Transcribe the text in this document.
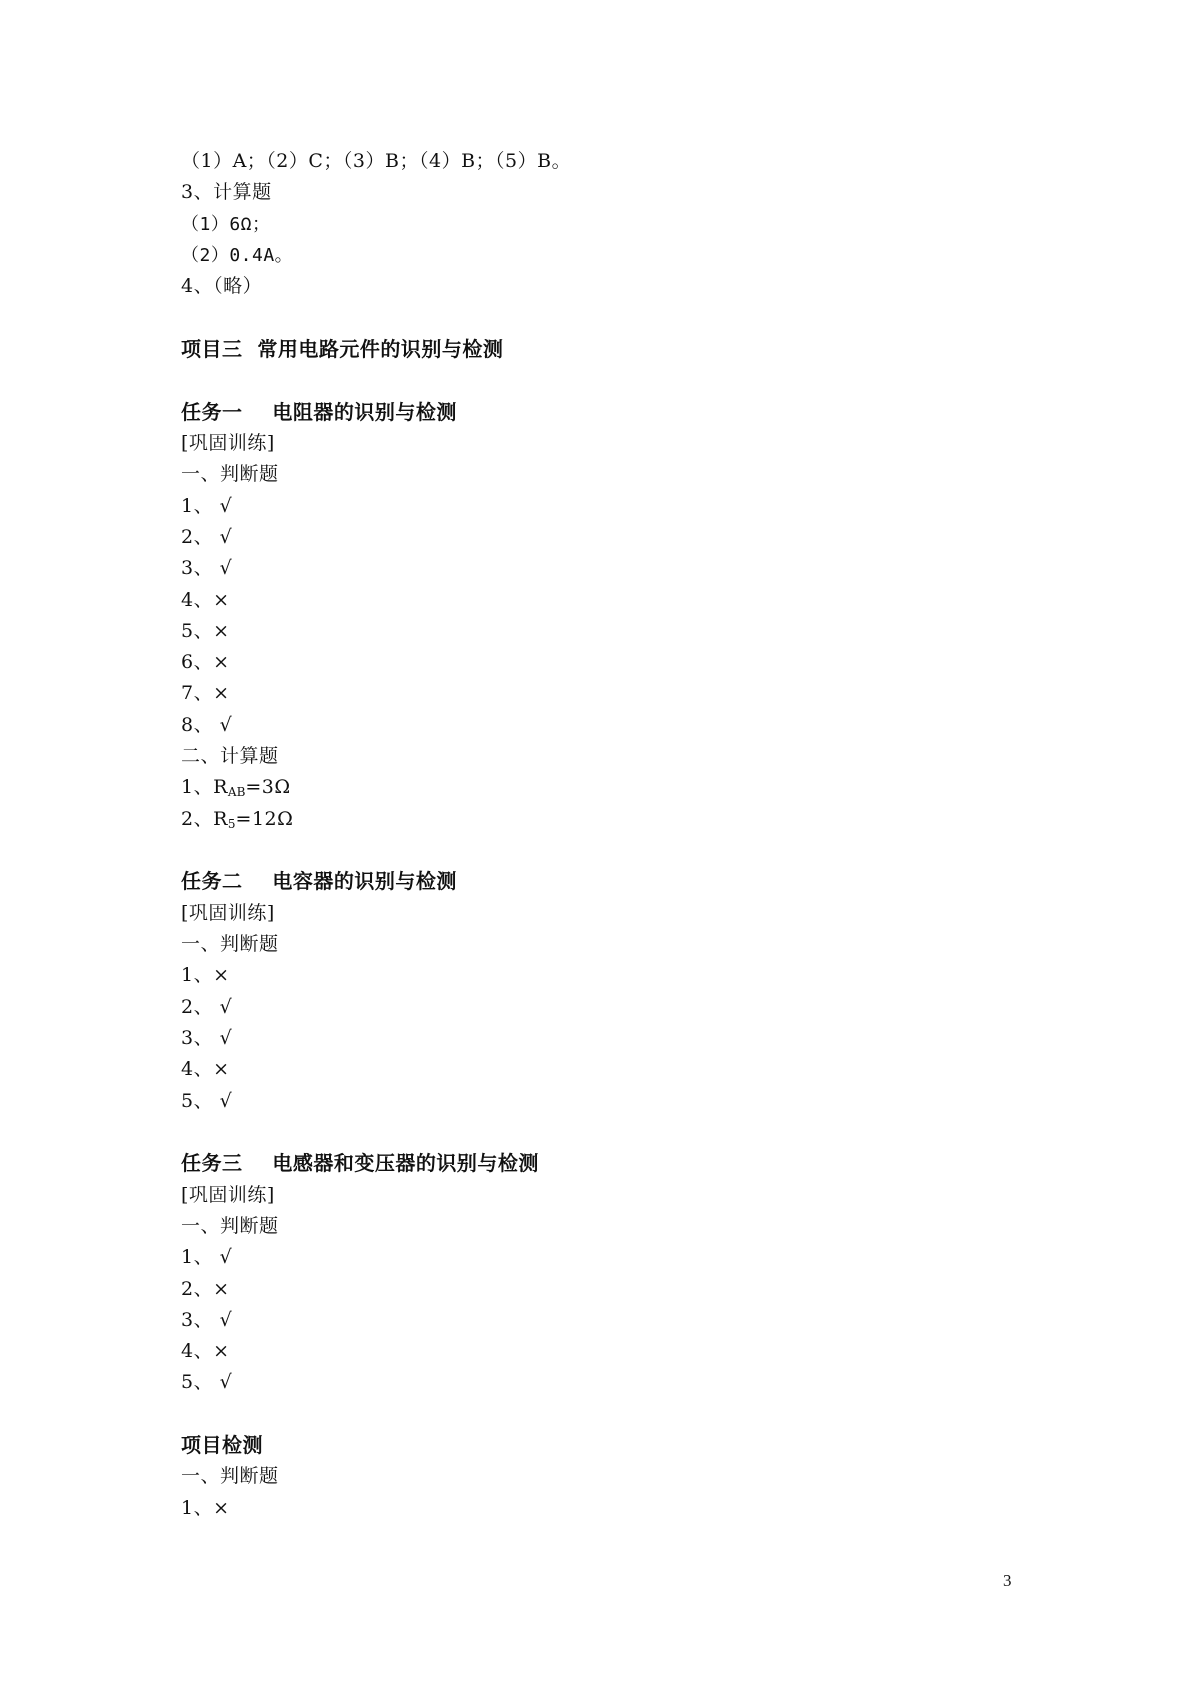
（1）A；（2）C；（3）B；（4）B；（5）B。
3、计算题
（1）6Ω；
（2）0.4A。
4、（略）
项目三  常用电路元件的识别与检测
任务一    电阻器的识别与检测
[巩固训练]
一、判断题
1、 √
2、 √
3、 √
4、×
5、×
6、×
7、×
8、 √
二、计算题
1、$R_{AB}=3\Omega$
2、$R_5=12\Omega$
任务二    电容器的识别与检测
[巩固训练]
一、判断题
1、×
2、 √
3、 √
4、×
5、 √
任务三    电感器和变压器的识别与检测
[巩固训练]
一、判断题
1、 √
2、×
3、 √
4、×
5、 √
项目检测
一、判断题
1、×
3
